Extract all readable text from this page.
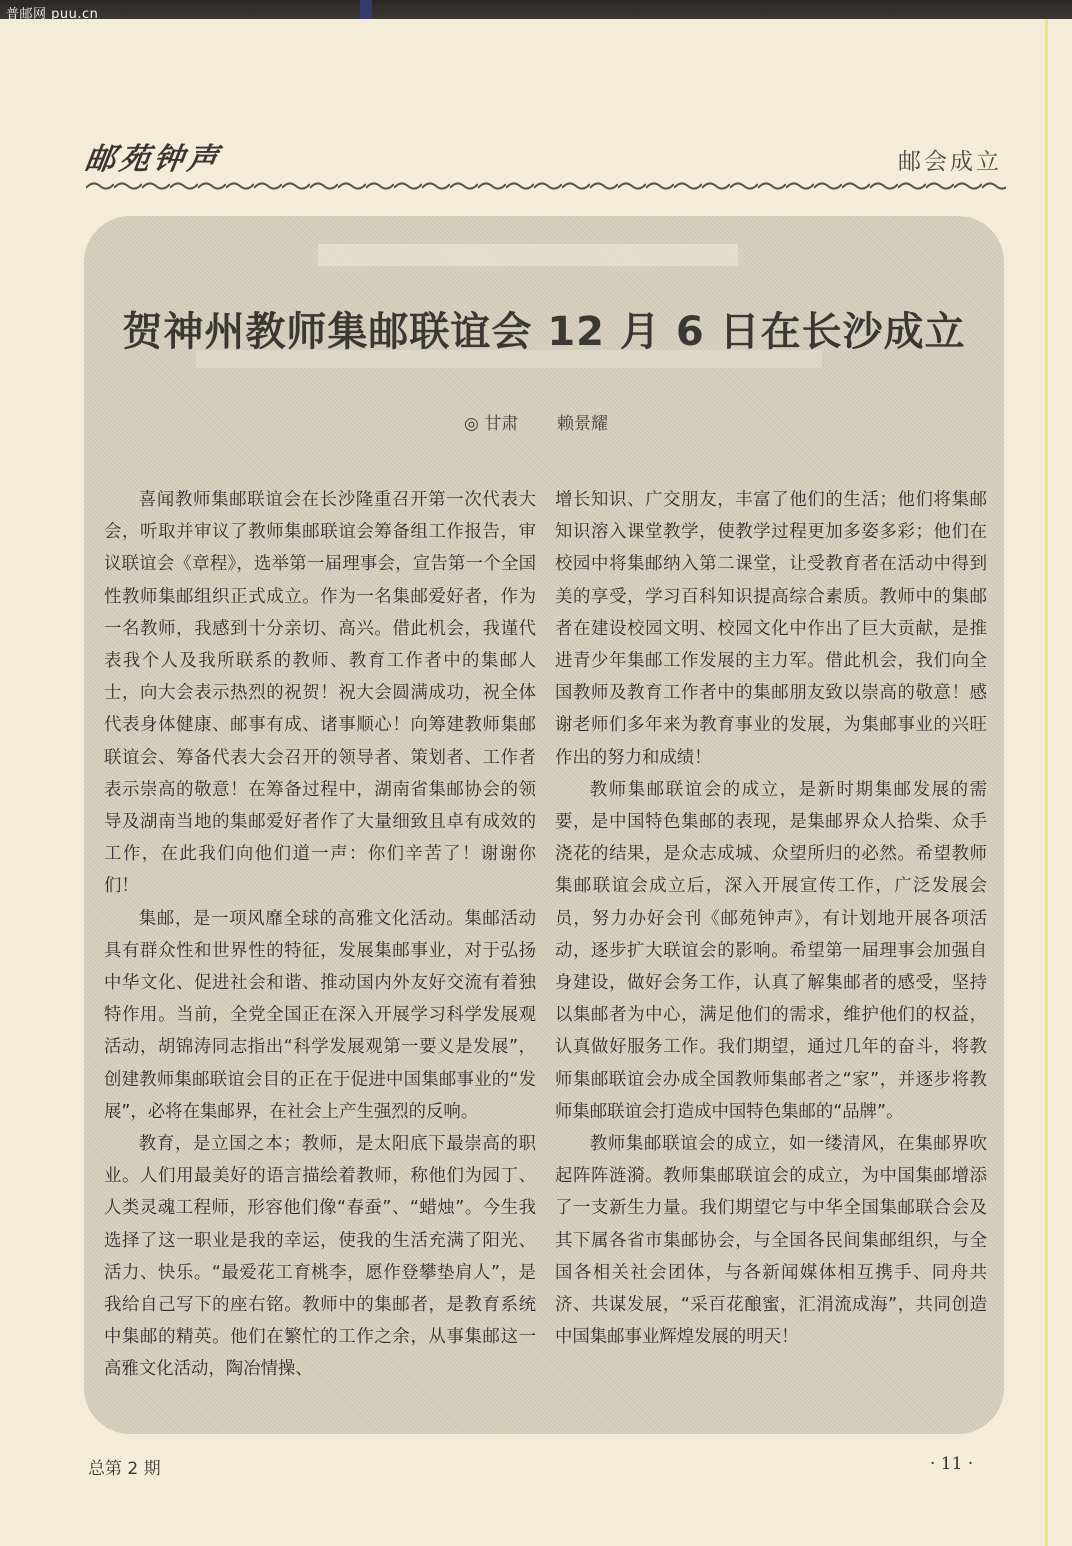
普邮网 puu.cn
邮苑钟声	邮会成立
贺神州教师集邮联谊会 12 月 6 日在长沙成立
◎ 甘肃 赖景耀

喜闻教师集邮联谊会在长沙隆重召开第一次代表大会，听取并审议了教师集邮联谊会筹备组工作报告，审议联谊会《章程》，选举第一届理事会，宣告第一个全国性教师集邮组织正式成立。作为一名集邮爱好者，作为一名教师，我感到十分亲切、高兴。借此机会，我谨代表我个人及我所联系的教师、教育工作者中的集邮人士，向大会表示热烈的祝贺！祝大会圆满成功，祝全体代表身体健康、邮事有成、诸事顺心！向筹建教师集邮联谊会、筹备代表大会召开的领导者、策划者、工作者表示崇高的敬意！在筹备过程中，湖南省集邮协会的领导及湖南当地的集邮爱好者作了大量细致且卓有成效的工作，在此我们向他们道一声：你们辛苦了！谢谢你们！

集邮，是一项风靡全球的高雅文化活动。集邮活动具有群众性和世界性的特征，发展集邮事业，对于弘扬中华文化、促进社会和谐、推动国内外友好交流有着独特作用。当前，全党全国正在深入开展学习科学发展观活动，胡锦涛同志指出“科学发展观第一要义是发展”，创建教师集邮联谊会目的正在于促进中国集邮事业的“发展”，必将在集邮界，在社会上产生强烈的反响。

教育，是立国之本；教师，是太阳底下最崇高的职业。人们用最美好的语言描绘着教师，称他们为园丁、人类灵魂工程师，形容他们像“春蚕”、“蜡烛”。今生我选择了这一职业是我的幸运，使我的生活充满了阳光、活力、快乐。“最爱花工育桃李，愿作登攀垫肩人”，是我给自己写下的座右铭。教师中的集邮者，是教育系统中集邮的精英。他们在繁忙的工作之余，从事集邮这一高雅文化活动，陶冶情操、

增长知识、广交朋友，丰富了他们的生活；他们将集邮知识溶入课堂教学，使教学过程更加多姿多彩；他们在校园中将集邮纳入第二课堂，让受教育者在活动中得到美的享受，学习百科知识提高综合素质。教师中的集邮者在建设校园文明、校园文化中作出了巨大贡献，是推进青少年集邮工作发展的主力军。借此机会，我们向全国教师及教育工作者中的集邮朋友致以崇高的敬意！感谢老师们多年来为教育事业的发展，为集邮事业的兴旺作出的努力和成绩！

教师集邮联谊会的成立，是新时期集邮发展的需要，是中国特色集邮的表现，是集邮界众人拾柴、众手浇花的结果，是众志成城、众望所归的必然。希望教师集邮联谊会成立后，深入开展宣传工作，广泛发展会员，努力办好会刊《邮苑钟声》，有计划地开展各项活动，逐步扩大联谊会的影响。希望第一届理事会加强自身建设，做好会务工作，认真了解集邮者的感受，坚持以集邮者为中心，满足他们的需求，维护他们的权益，认真做好服务工作。我们期望，通过几年的奋斗，将教师集邮联谊会办成全国教师集邮者之“家”，并逐步将教师集邮联谊会打造成中国特色集邮的“品牌”。

教师集邮联谊会的成立，如一缕清风，在集邮界吹起阵阵涟漪。教师集邮联谊会的成立，为中国集邮增添了一支新生力量。我们期望它与中华全国集邮联合会及其下属各省市集邮协会，与全国各民间集邮组织，与全国各相关社会团体，与各新闻媒体相互携手、同舟共济、共谋发展，“采百花酿蜜，汇涓流成海”，共同创造中国集邮事业辉煌发展的明天！

总第 2 期	· 11 ·
